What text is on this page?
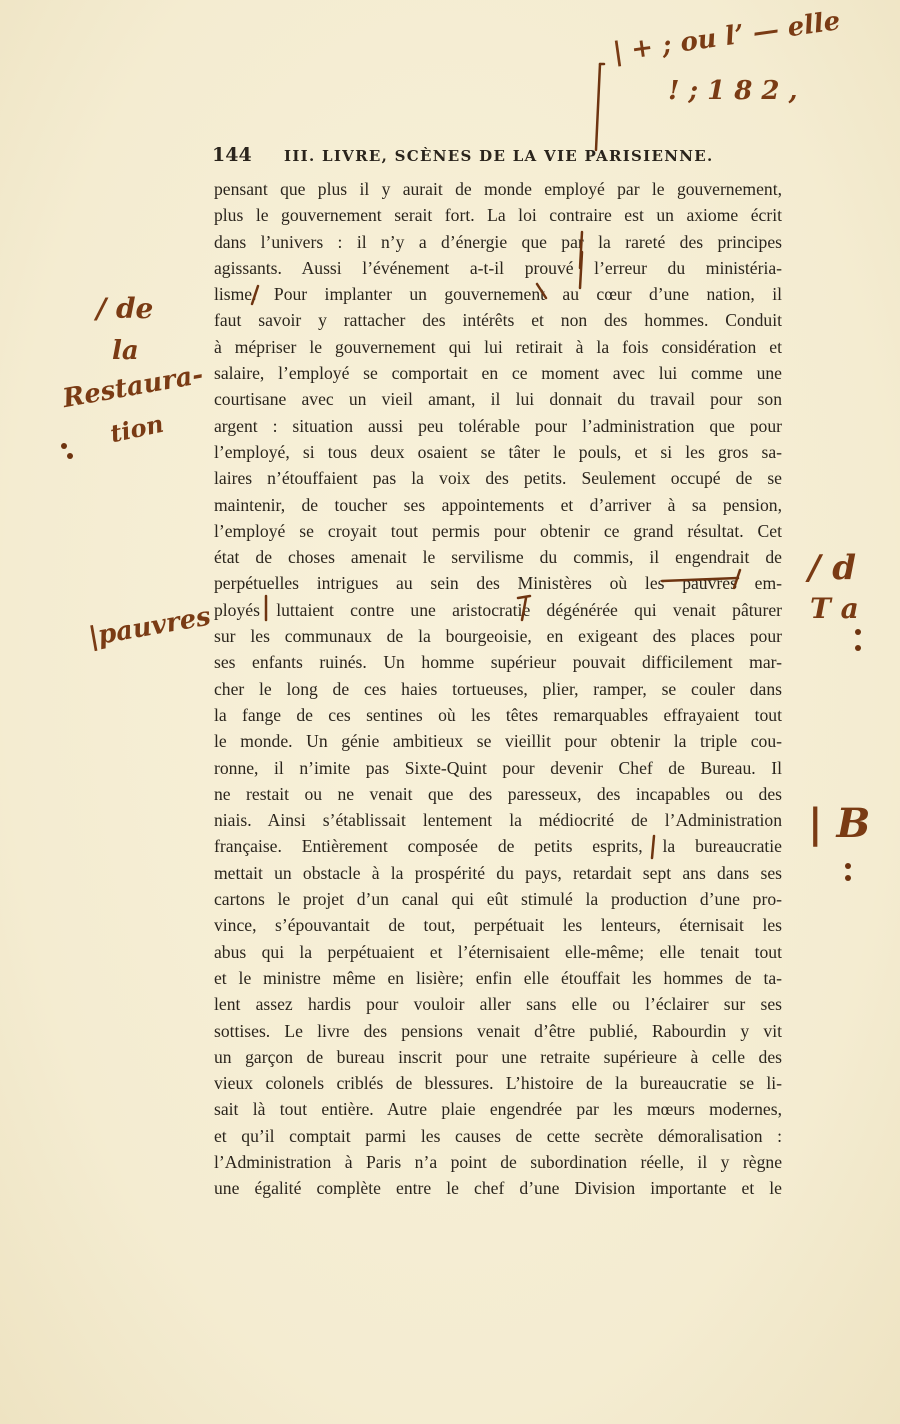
144 III. LIVRE, SCÈNES DE LA VIE PARISIENNE.
pensant que plus il y aurait de monde employé par le gouvernement,
plus le gouvernement serait fort. La loi contraire est un axiome écrit
dans l’univers : il n’y a d’énergie que par la rareté des principes
agissants. Aussi l’événement a-t-il prouvé l’erreur du ministéria-
lisme. Pour implanter un gouvernement au cœur d’une nation, il
faut savoir y rattacher des intérêts et non des hommes. Conduit
à mépriser le gouvernement qui lui retirait à la fois considération et
salaire, l’employé se comportait en ce moment avec lui comme une
courtisane avec un vieil amant, il lui donnait du travail pour son
argent : situation aussi peu tolérable pour l’administration que pour
l’employé, si tous deux osaient se tâter le pouls, et si les gros sa-
laires n’étouffaient pas la voix des petits. Seulement occupé de se
maintenir, de toucher ses appointements et d’arriver à sa pension,
l’employé se croyait tout permis pour obtenir ce grand résultat. Cet
état de choses amenait le servilisme du commis, il engendrait de
perpétuelles intrigues au sein des Ministères où les pauvres em-
ployés luttaient contre une aristocratie dégénérée qui venait pâturer
sur les communaux de la bourgeoisie, en exigeant des places pour
ses enfants ruinés. Un homme supérieur pouvait difficilement mar-
cher le long de ces haies tortueuses, plier, ramper, se couler dans
la fange de ces sentines où les têtes remarquables effrayaient tout
le monde. Un génie ambitieux se vieillit pour obtenir la triple cou-
ronne, il n’imite pas Sixte-Quint pour devenir Chef de Bureau. Il
ne restait ou ne venait que des paresseux, des incapables ou des
niais. Ainsi s’établissait lentement la médiocrité de l’Administration
française. Entièrement composée de petits esprits, la bureaucratie
mettait un obstacle à la prospérité du pays, retardait sept ans dans ses
cartons le projet d’un canal qui eût stimulé la production d’une pro-
vince, s’épouvantait de tout, perpétuait les lenteurs, éternisait les
abus qui la perpétuaient et l’éternisaient elle-même; elle tenait tout
et le ministre même en lisière; enfin elle étouffait les hommes de ta-
lent assez hardis pour vouloir aller sans elle ou l’éclairer sur ses
sottises. Le livre des pensions venait d’être publié, Rabourdin y vit
un garçon de bureau inscrit pour une retraite supérieure à celle des
vieux colonels criblés de blessures. L’histoire de la bureaucratie se li-
sait là tout entière. Autre plaie engendrée par les mœurs modernes,
et qu’il comptait parmi les causes de cette secrète démoralisation :
l’Administration à Paris n’a point de subordination réelle, il y règne
une égalité complète entre le chef d’une Division importante et le
| + ; ou l’ — elle
! ; 1 8 2 ,
/ de
la
Restaura-
tion
|pauvres
/ d
T a
| B
